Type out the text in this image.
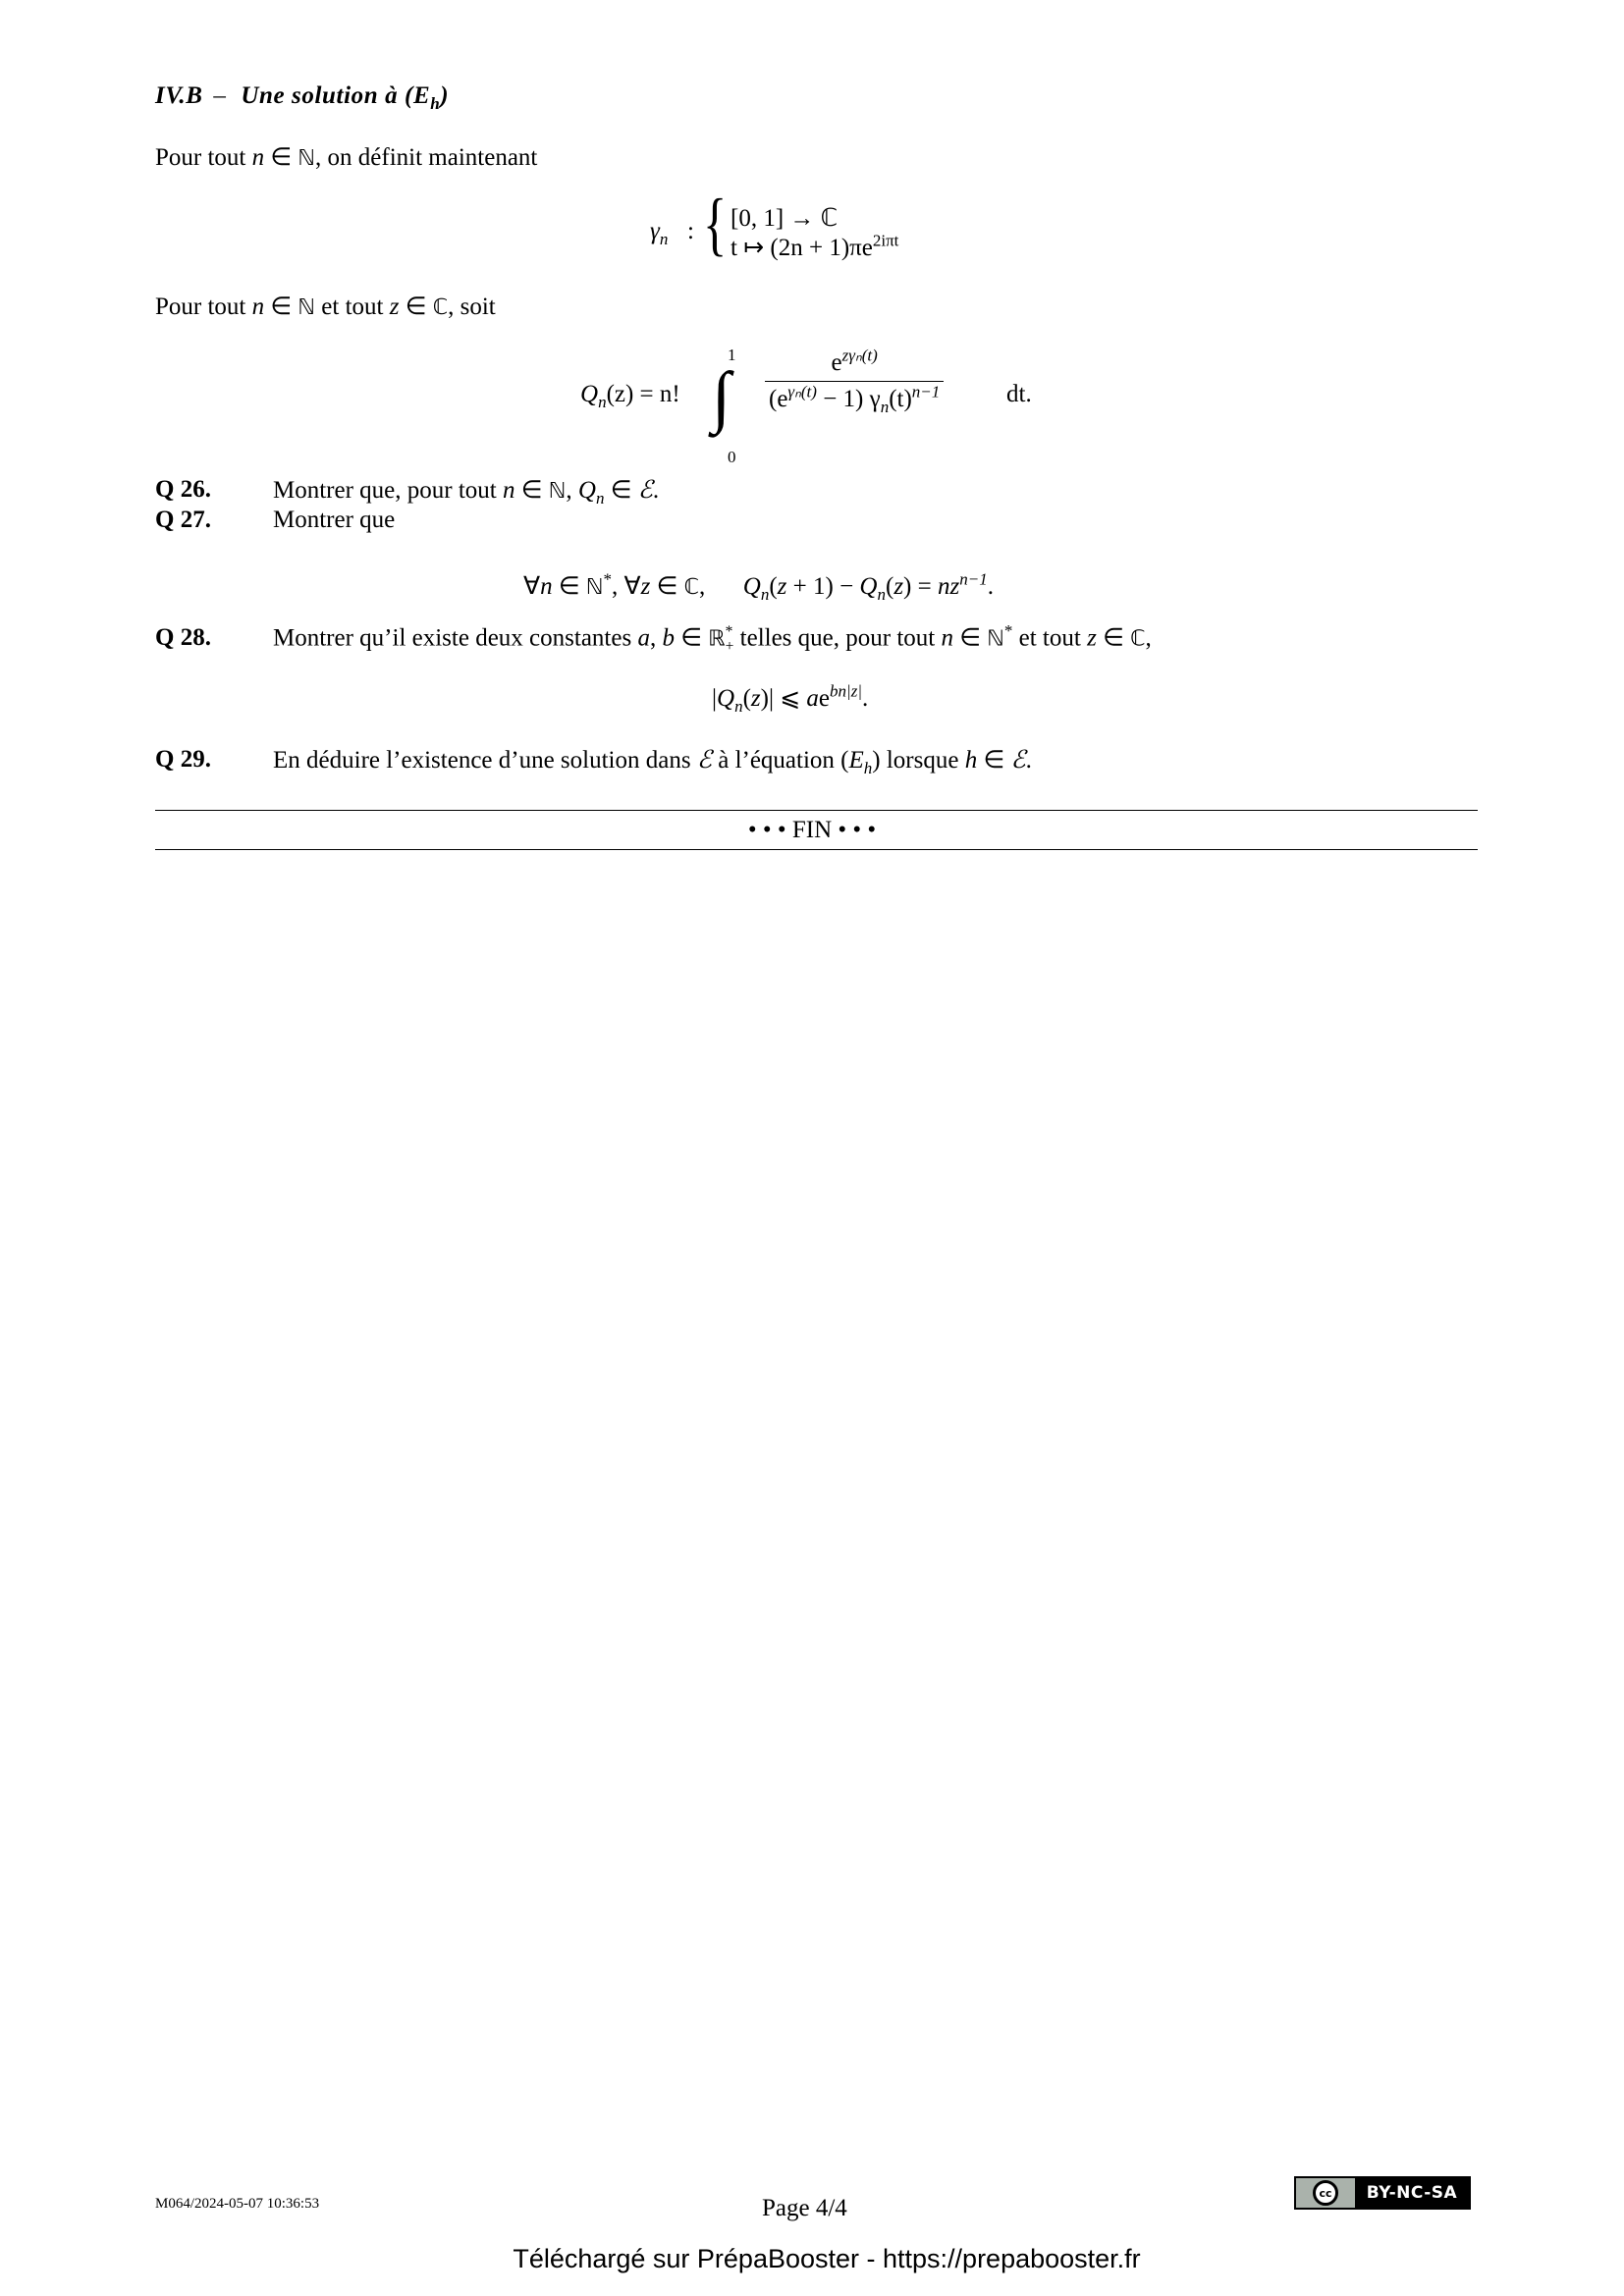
IV.B – Une solution à $(E_h)$
Pour tout n ∈ ℕ, on définit maintenant
$\gamma_n$ : { [0, 1] → ℂ
t ↦ $(2n + 1)\pi e^{2i\pi t}$
Pour tout n ∈ ℕ et tout z ∈ ℂ, soit
$Q_n(z) = n$!
1
∫
0
$\frac{e^{z\gamma_n(t)}}{(e^{\gamma_n(t)} - 1) \gamma_n(t)^{n-1}}$	dt.
Q 26.	Montrer que, pour tout n ∈ ℕ, $Q_n$ ∈ ℰ.
Q 27.	Montrer que
∀n ∈ ℕ*, ∀z ∈ ℂ, $Q_n(z + 1) - Q_n(z) = nz^{n-1}$.
Q 28.	Montrer qu’il existe deux constantes a, b ∈ ℝ *
+ telles que, pour tout n ∈ ℕ* et tout z ∈ ℂ,
$|Q_n(z)|$ ⩽ $ae^{bn|z|}$.
Q 29.	En déduire l’existence d’une solution dans ℰ à l’équation $(E_h)$ lorsque h ∈ ℰ.
• • • FIN • • •
M064/2024-05-07 10:36:53	Page 4/4
cc	BY-NC-SA
Téléchargé sur PrépaBooster - https://prepabooster.fr
